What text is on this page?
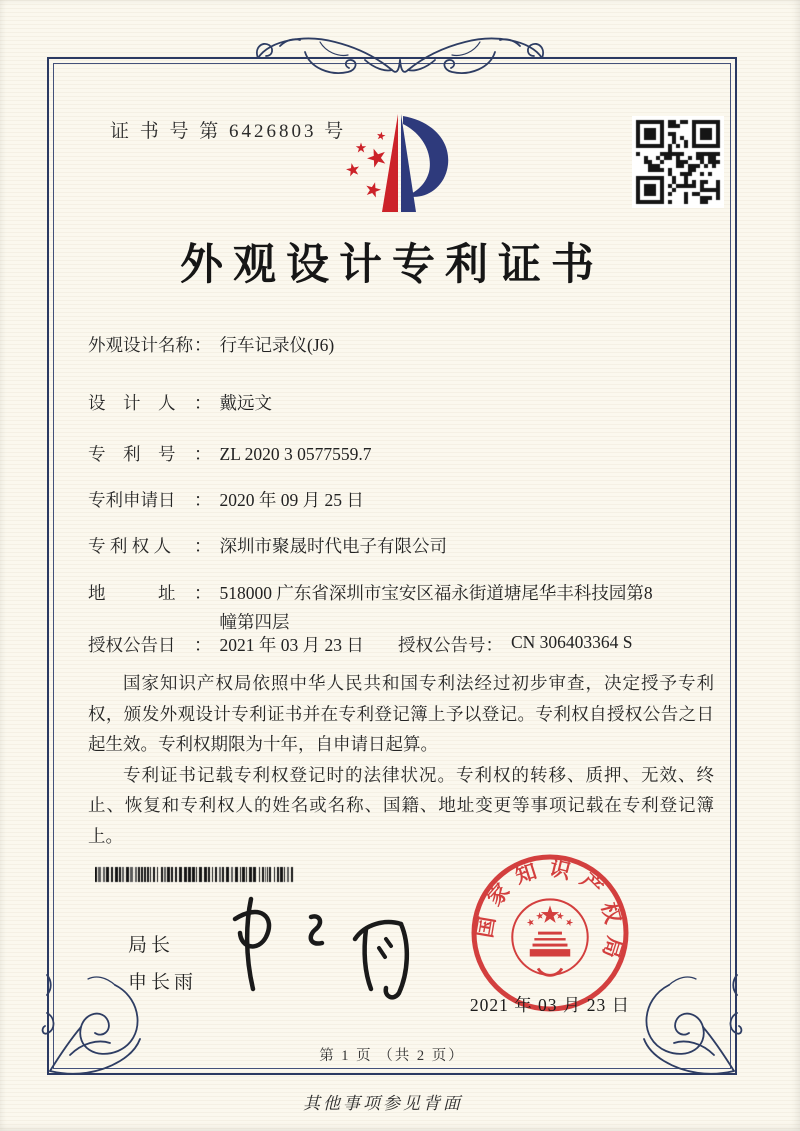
证 书 号 第 6426803 号
外观设计专利证书
外观设计名称： 行车记录仪(J6)
设　计　人 ： 戴远文
专　利　号 ： ZL 2020 3 0577559.7
专利申请日 ： 2020 年 09 月 25 日
专 利 权 人 ： 深圳市聚晟时代电子有限公司
地　　　址 ： 518000 广东省深圳市宝安区福永街道塘尾华丰科技园第8幢第四层
授权公告日 ： 2021 年 03 月 23 日 授权公告号： CN 306403364 S

国家知识产权局依照中华人民共和国专利法经过初步审查，决定授予专利权，颁发外观设计专利证书并在专利登记簿上予以登记。专利权自授权公告之日起生效。专利权期限为十年，自申请日起算。

专利证书记载专利权登记时的法律状况。专利权的转移、质押、无效、终止、恢复和专利权人的姓名或名称、国籍、地址变更等事项记载在专利登记簿上。

局长
申长雨
国家知识产权局
2021 年 03 月 23 日
第 1 页 （共 2 页）
其他事项参见背面
